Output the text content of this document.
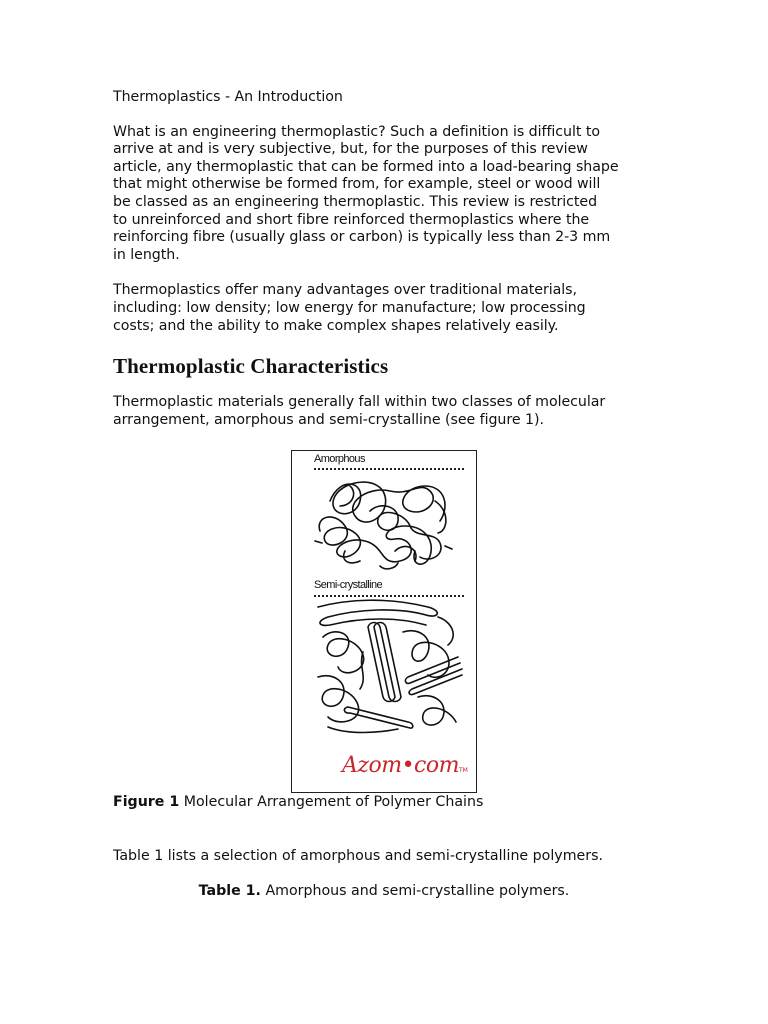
Thermoplastics - An Introduction

What is an engineering thermoplastic? Such a definition is difficult to
arrive at and is very subjective, but, for the purposes of this review
article, any thermoplastic that can be formed into a load-bearing shape
that might otherwise be formed from, for example, steel or wood will
be classed as an engineering thermoplastic. This review is restricted
to unreinforced and short fibre reinforced thermoplastics where the
reinforcing fibre (usually glass or carbon) is typically less than 2-3 mm
in length.

Thermoplastics offer many advantages over traditional materials,
including: low density; low energy for manufacture; low processing
costs; and the ability to make complex shapes relatively easily.

Thermoplastic Characteristics

Thermoplastic materials generally fall within two classes of molecular
arrangement, amorphous and semi-crystalline (see figure 1).

Amorphous
Semi-crystalline
Azom•com TM
Figure 1 Molecular Arrangement of Polymer Chains
Table 1 lists a selection of amorphous and semi-crystalline polymers.
Table 1. Amorphous and semi-crystalline polymers.
